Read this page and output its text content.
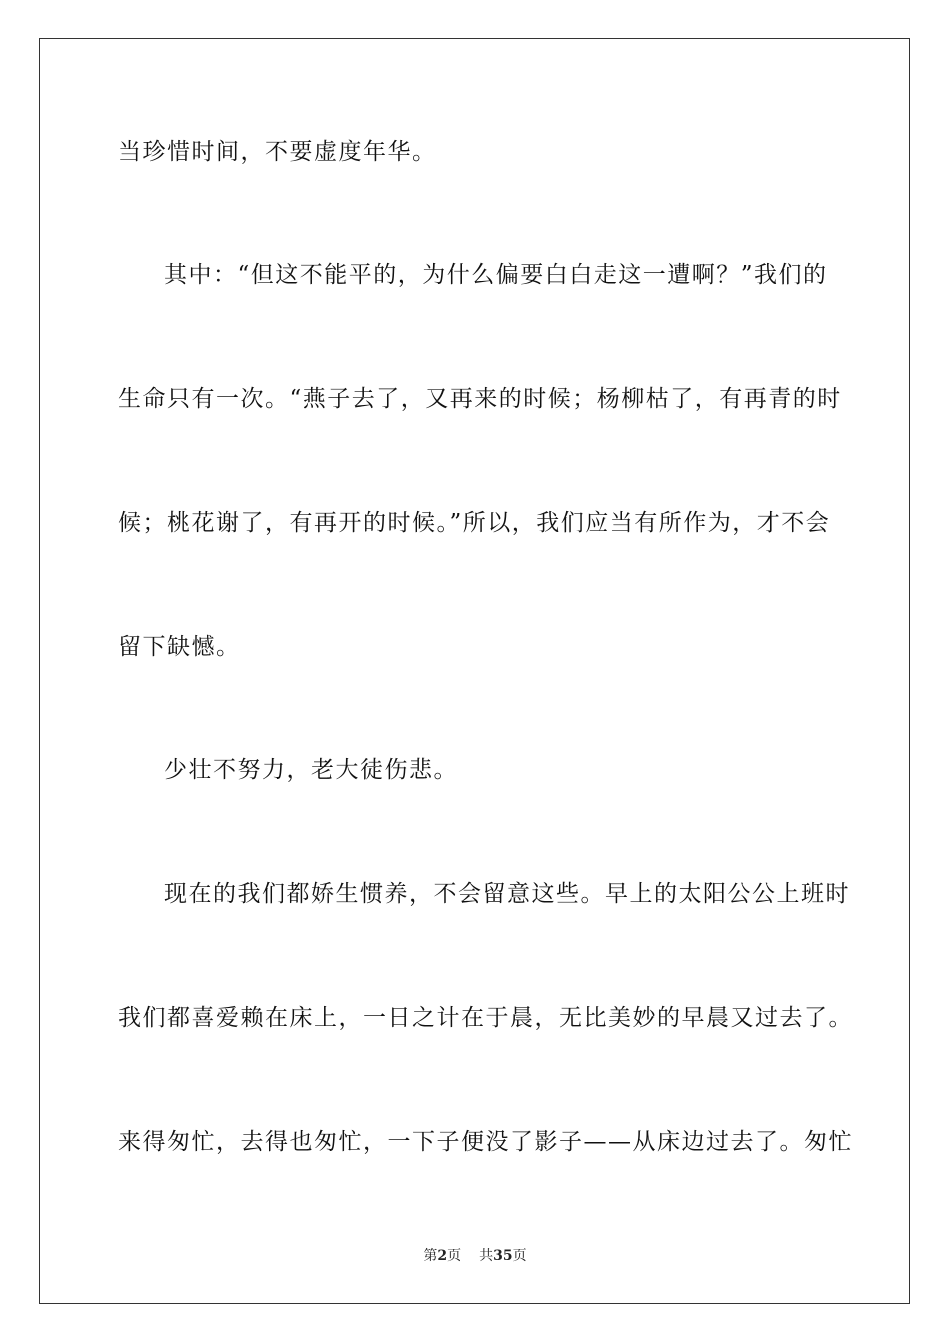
当珍惜时间，不要虚度年华。
其中：“但这不能平的，为什么偏要白白走这一遭啊？”我们的
生命只有一次。“燕子去了，又再来的时候；杨柳枯了，有再青的时
候；桃花谢了，有再开的时候。”所以，我们应当有所作为，才不会
留下缺憾。
少壮不努力，老大徒伤悲。
现在的我们都娇生惯养，不会留意这些。早上的太阳公公上班时
我们都喜爱赖在床上，一日之计在于晨，无比美妙的早晨又过去了。
来得匆忙，去得也匆忙，一下子便没了影子——从床边过去了。匆忙
第2页 共35页
